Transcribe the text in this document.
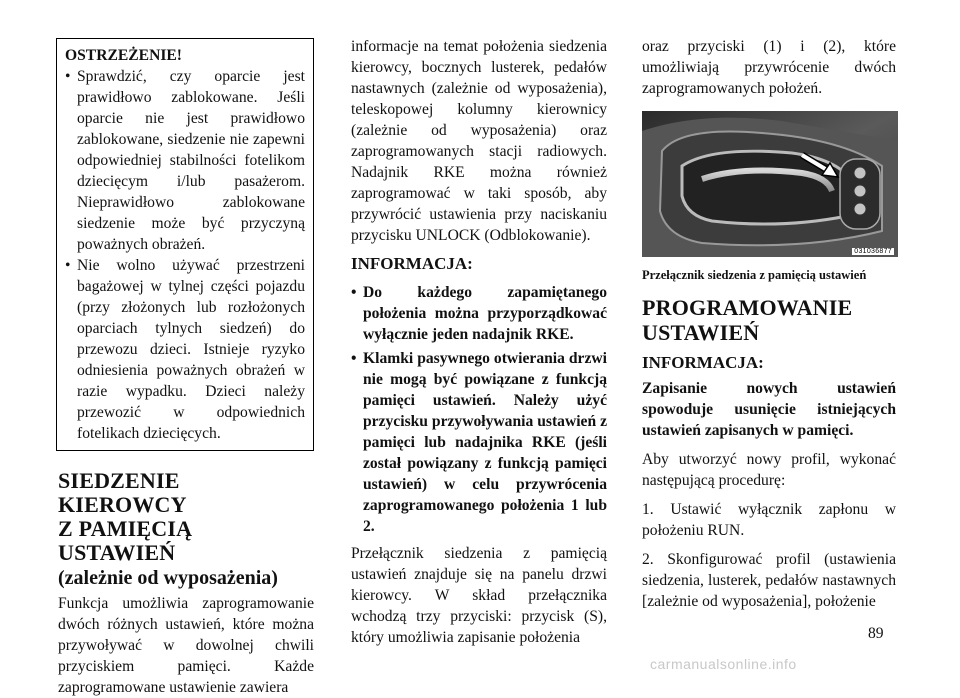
OSTRZEŻENIE!
• Sprawdzić, czy oparcie jest prawidłowo zablokowane. Jeśli oparcie nie jest prawidłowo zablokowane, siedzenie nie zapewni odpowiedniej stabilności fotelikom dziecięcym i/lub pasażerom. Nieprawidłowo zablokowane siedzenie może być przyczyną poważnych obrażeń.
• Nie wolno używać przestrzeni bagażowej w tylnej części pojazdu (przy złożonych lub rozłożonych oparciach tylnych siedzeń) do przewozu dzieci. Istnieje ryzyko odniesienia poważnych obrażeń w razie wypadku. Dzieci należy przewozić w odpowiednich fotelikach dziecięcych.
SIEDZENIE KIEROWCY
Z PAMIĘCIĄ USTAWIEŃ
(zależnie od wyposażenia)

Funkcja umożliwia zaprogramowanie dwóch różnych ustawień, które można przywoływać w dowolnej chwili przyciskiem pamięci. Każde zaprogramowane ustawienie zawiera

informacje na temat położenia siedzenia kierowcy, bocznych lusterek, pedałów nastawnych (zależnie od wyposażenia), teleskopowej kolumny kierownicy (zależnie od wyposażenia) oraz zaprogramowanych stacji radiowych. Nadajnik RKE można również zaprogramować w taki sposób, aby przywrócić ustawienia przy naciskaniu przycisku UNLOCK (Odblokowanie).

INFORMACJA:
• Do każdego zapamiętanego położenia można przyporządkować wyłącznie jeden nadajnik RKE.
• Klamki pasywnego otwierania drzwi nie mogą być powiązane z funkcją pamięci ustawień. Należy użyć przycisku przywoływania ustawień z pamięci lub nadajnika RKE (jeśli został powiązany z funkcją pamięci ustawień) w celu przywrócenia zaprogramowanego położenia 1 lub 2.

Przełącznik siedzenia z pamięcią ustawień znajduje się na panelu drzwi kierowcy. W skład przełącznika wchodzą trzy przyciski: przycisk (S), który umożliwia zapisanie położenia

oraz przyciski (1) i (2), które umożliwiają przywrócenie dwóch zaprogramowanych położeń.

031036877
Przełącznik siedzenia z pamięcią ustawień
PROGRAMOWANIE
USTAWIEŃ
INFORMACJA:

Zapisanie nowych ustawień spowoduje usunięcie istniejących ustawień zapisanych w pamięci.

Aby utworzyć nowy profil, wykonać następującą procedurę:

1. Ustawić wyłącznik zapłonu w położeniu RUN.

2. Skonfigurować profil (ustawienia siedzenia, lusterek, pedałów nastawnych [zależnie od wyposażenia], położenie

89
carmanualsonline.info
